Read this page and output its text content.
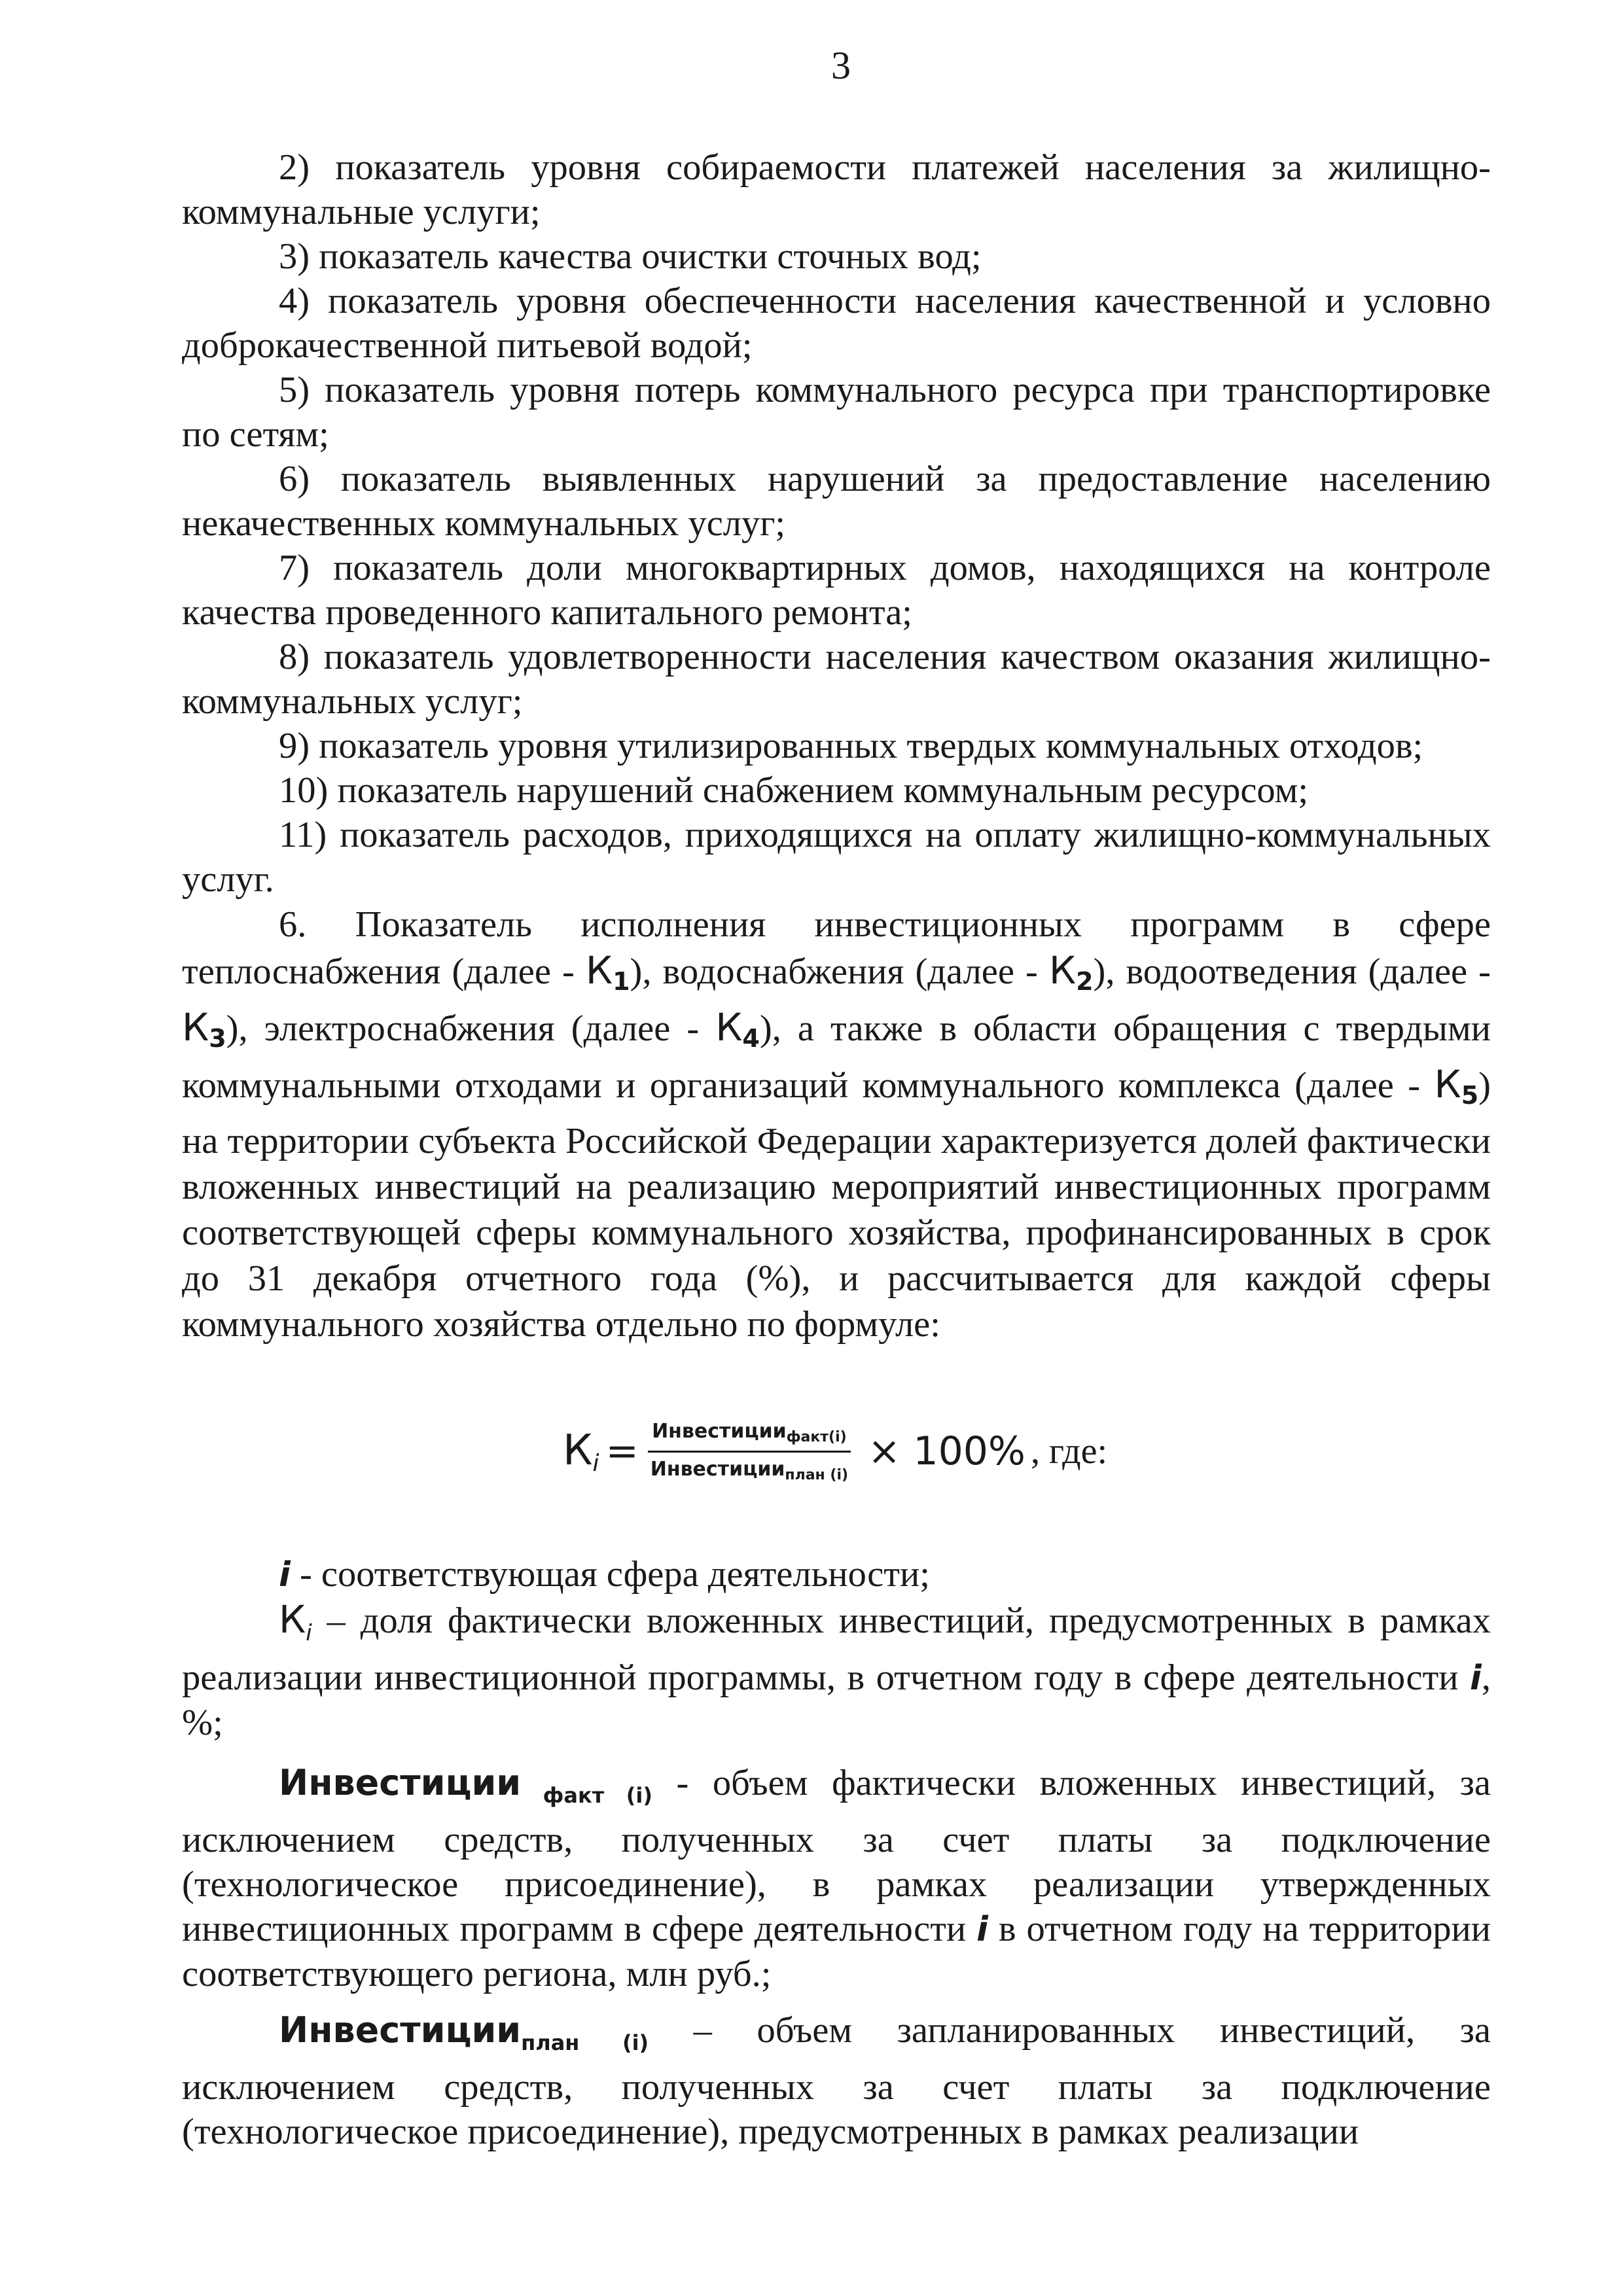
3

2) показатель уровня собираемости платежей населения за жилищно-коммунальные услуги;

3) показатель качества очистки сточных вод;

4) показатель уровня обеспеченности населения качественной и условно доброкачественной питьевой водой;

5) показатель уровня потерь коммунального ресурса при транспортировке по сетям;

6) показатель выявленных нарушений за предоставление населению некачественных коммунальных услуг;

7) показатель доли многоквартирных домов, находящихся на контроле качества проведенного капитального ремонта;

8) показатель удовлетворенности населения качеством оказания жилищно-коммунальных услуг;

9) показатель уровня утилизированных твердых коммунальных отходов;

10) показатель нарушений снабжением коммунальным ресурсом;

11) показатель расходов, приходящихся на оплату жилищно-коммунальных услуг.

6. Показатель исполнения инвестиционных программ в сфере теплоснабжения (далее - К1), водоснабжения (далее - К2), водоотведения (далее - К3), электроснабжения (далее - К4), а также в области обращения с твердыми коммунальными отходами и организаций коммунального комплекса (далее - К5) на территории субъекта Российской Федерации характеризуется долей фактически вложенных инвестиций на реализацию мероприятий инвестиционных программ соответствующей сферы коммунального хозяйства, профинансированных в срок до 31 декабря отчетного года (%), и рассчитывается для каждой сферы коммунального хозяйства отдельно по формуле:

$К_i = \frac{Инвестиции_{факт(i)}}{Инвестиции_{план (i)}} \times 100\%$ , где:

i - соответствующая сфера деятельности;

$К_i$ – доля фактически вложенных инвестиций, предусмотренных в рамках реализации инвестиционной программы, в отчетном году в сфере деятельности i, %;

Инвестиции $_{факт (i)}$ - объем фактически вложенных инвестиций, за исключением средств, полученных за счет платы за подключение (технологическое присоединение), в рамках реализации утвержденных инвестиционных программ в сфере деятельности i в отчетном году на территории соответствующего региона, млн руб.;

Инвестиции$_{план (i)}$ – объем запланированных инвестиций, за исключением средств, полученных за счет платы за подключение (технологическое присоединение), предусмотренных в рамках реализации
